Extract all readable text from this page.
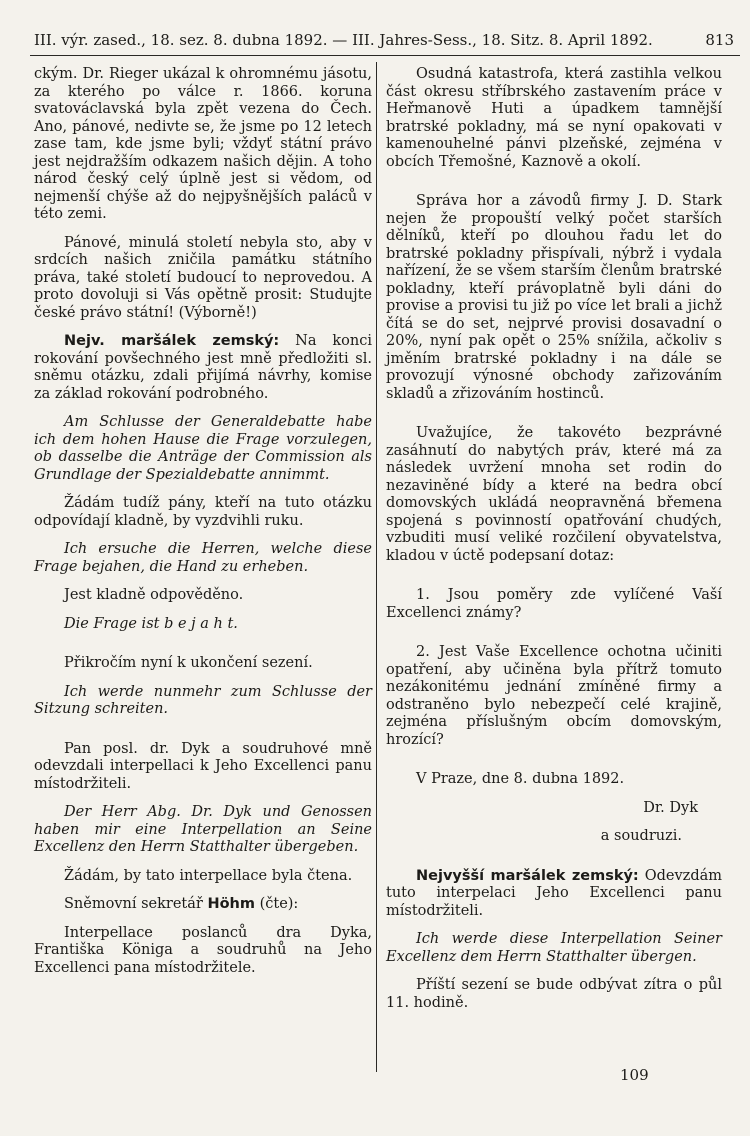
III. výr. zased., 18. sez. 8. dubna 1892. — III. Jahres-Sess., 18. Sitz. 8. April 1892.	813

ckým. Dr. Rieger ukázal k ohromnému jásotu, za kterého po válce r. 1866. koruna svatováclavská byla zpět vezena do Čech. Ano, pánové, nedivte se, že jsme po 12 letech zase tam, kde jsme byli; vždyť státní právo jest nejdražším odkazem našich dějin. A toho národ český celý úplně jest si vědom, od nejmenší chýše až do nejpyšnějších paláců v této zemi.

Pánové, minulá století nebyla sto, aby v srdcích našich zničila památku státního práva, také století budoucí to neprovedou. A proto dovoluji si Vás opětně prosit: Studujte české právo státní! (Výborně!)

Nejv. maršálek zemský: Na konci rokování povšechného jest mně předložiti sl. sněmu otázku, zdali přijímá návrhy, komise za základ rokování podrobného.

Am Schlusse der Generaldebatte habe ich dem hohen Hause die Frage vorzulegen, ob dasselbe die Anträge der Commission als Grundlage der Spezialdebatte annimmt.

Žádám tudíž pány, kteří na tuto otázku odpovídají kladně, by vyzdvihli ruku.

Ich ersuche die Herren, welche diese Frage bejahen, die Hand zu erheben.

Jest kladně odpověděno.

Die Frage ist b e j a h t.

Přikročím nyní k ukončení sezení.

Ich werde nunmehr zum Schlusse der Sitzung schreiten.

Pan posl. dr. Dyk a soudruhové mně odevzdali interpellaci k Jeho Excellenci panu místodržiteli.

Der Herr Abg. Dr. Dyk und Genossen haben mir eine Interpellation an Seine Excellenz den Herrn Statthalter übergeben.

Žádám, by tato interpellace byla čtena.

Sněmovní sekretář Höhm (čte):

Interpellace poslanců dra Dyka, Františka Königa a soudruhů na Jeho Excellenci pana místodržitele.

Osudná katastrofa, která zastihla velkou část okresu stříbrského zastavením práce v Heřmanově Huti a úpadkem tamnější bratrské pokladny, má se nyní opakovati v kamenouhelné pánvi plzeňské, zejména v obcích Třemošné, Kaznově a okolí.

Správa hor a závodů firmy J. D. Stark nejen že propouští velký počet starších dělníků, kteří po dlouhou řadu let do bratrské pokladny přispívali, nýbrž i vydala nařízení, že se všem starším členům bratrské pokladny, kteří právoplatně byli dáni do provise a provisi tu již po více let brali a jichž čítá se do set, nejprvé provisi dosavadní o 20%, nyní pak opět o 25% snížila, ačkoliv s jměním bratrské pokladny i na dále se provozují výnosné obchody zařizováním skladů a zřizováním hostinců.

Uvažujíce, že takovéto bezprávné zasáhnutí do nabytých práv, které má za následek uvržení mnoha set rodin do nezaviněné bídy a které na bedra obcí domovských ukládá neopravněná břemena spojená s povinností opatřování chudých, vzbuditi musí veliké rozčilení obyvatelstva, kladou v úctě podepsaní dotaz:

1. Jsou poměry zde vylíčené Vaší Excellenci známy?

2. Jest Vaše Excellence ochotna učiniti opatření, aby učiněna byla přítrž tomuto nezákonitému jednání zmíněné firmy a odstraněno bylo nebezpečí celé krajině, zejména příslušným obcím domovským, hrozící?

V Praze, dne 8. dubna 1892.

Dr. Dyk

a soudruzi.

Nejvyšší maršálek zemský: Odevzdám tuto interpelaci Jeho Excellenci panu místodržiteli.

Ich werde diese Interpellation Seiner Excellenz dem Herrn Statthalter übergen.

Příští sezení se bude odbývat zítra o půl 11. hodině.

109
